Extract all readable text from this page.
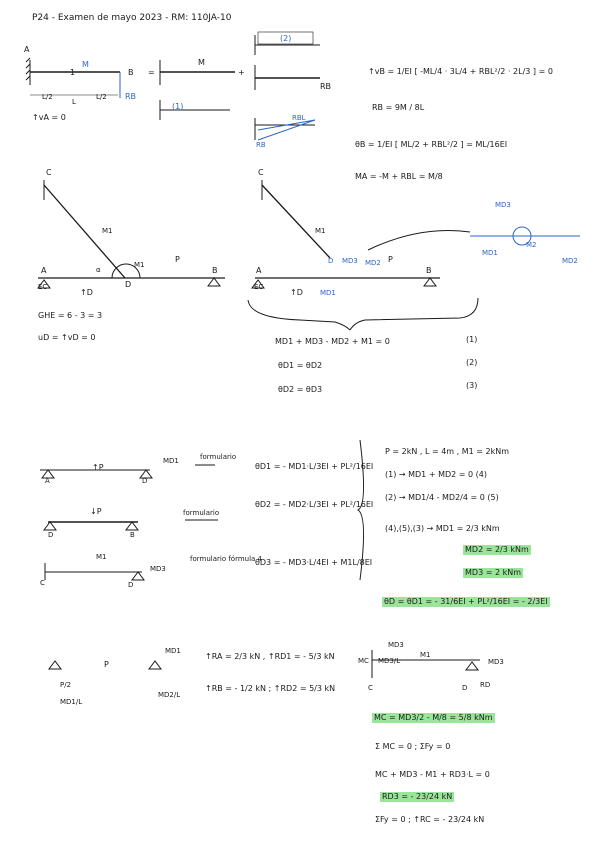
P24 - Examen de mayo 2023 - RM: 110JA-10
A
M
1	B
L/2
L
L/2 RB
↑vA = 0
=	+
M
RB
(1)
(2)
RBL
RB
↑vB = 1/EI [ -ML/4 · 3L/4 + RBL²/2 · 2L/3 ] = 0
RB = 9M / 8L
θB = 1/EI [ ML/2 + RBL²/2 ] = ML/16EI
MA = -M + RBL = M/8
C
M1
A	α
M1
P
D
B
EC
↑D
GHE = 6 - 3 = 3
uD = ↑vD = 0
C
M1
D MD3 MD2 P
A	B
EC
↑D MD1
MD3
MD1
M2
MD2
MD1 + MD3 - MD2 + M1 = 0	(1)
θD1 = θD2	(2)
θD2 = θD3	(3)
A
↑P
D
MD1	formulario
θD1 = - MD1·L/3EI + PL²/16EI
D
↓P
B
formulario
θD2 = - MD2·L/3EI + PL²/16EI
C
M1
D
MD3
formulario fórmula 4
θD3 = - MD3·L/4EI + M1L/8EI
P = 2kN , L = 4m , M1 = 2kNm
(1) → MD1 + MD2 = 0 (4)
(2) → MD1/4 - MD2/4 = 0 (5)
(4),(5),(3) → MD1 = 2/3 kNm
MD2 = 2/3 kNm
MD3 = 2 kNm
θD = θD1 = - 31/6EI + PL²/16EI = - 2/3EI
P
MD1
P/2
MD1/L
MD2/L
↑RA = 2/3 kN , ↑RD1 = - 5/3 kN
↑RB = - 1/2 kN ; ↑RD2 = 5/3 kN
MD3
MD3/L
MC
C	D
M1
RD
MD3
MC = MD3/2 - M/8 = 5/8 kNm
Σ MC = 0 ; ΣFy = 0
MC + MD3 - M1 + RD3·L = 0
RD3 = - 23/24 kN
ΣFy = 0 ; ↑RC = - 23/24 kN
